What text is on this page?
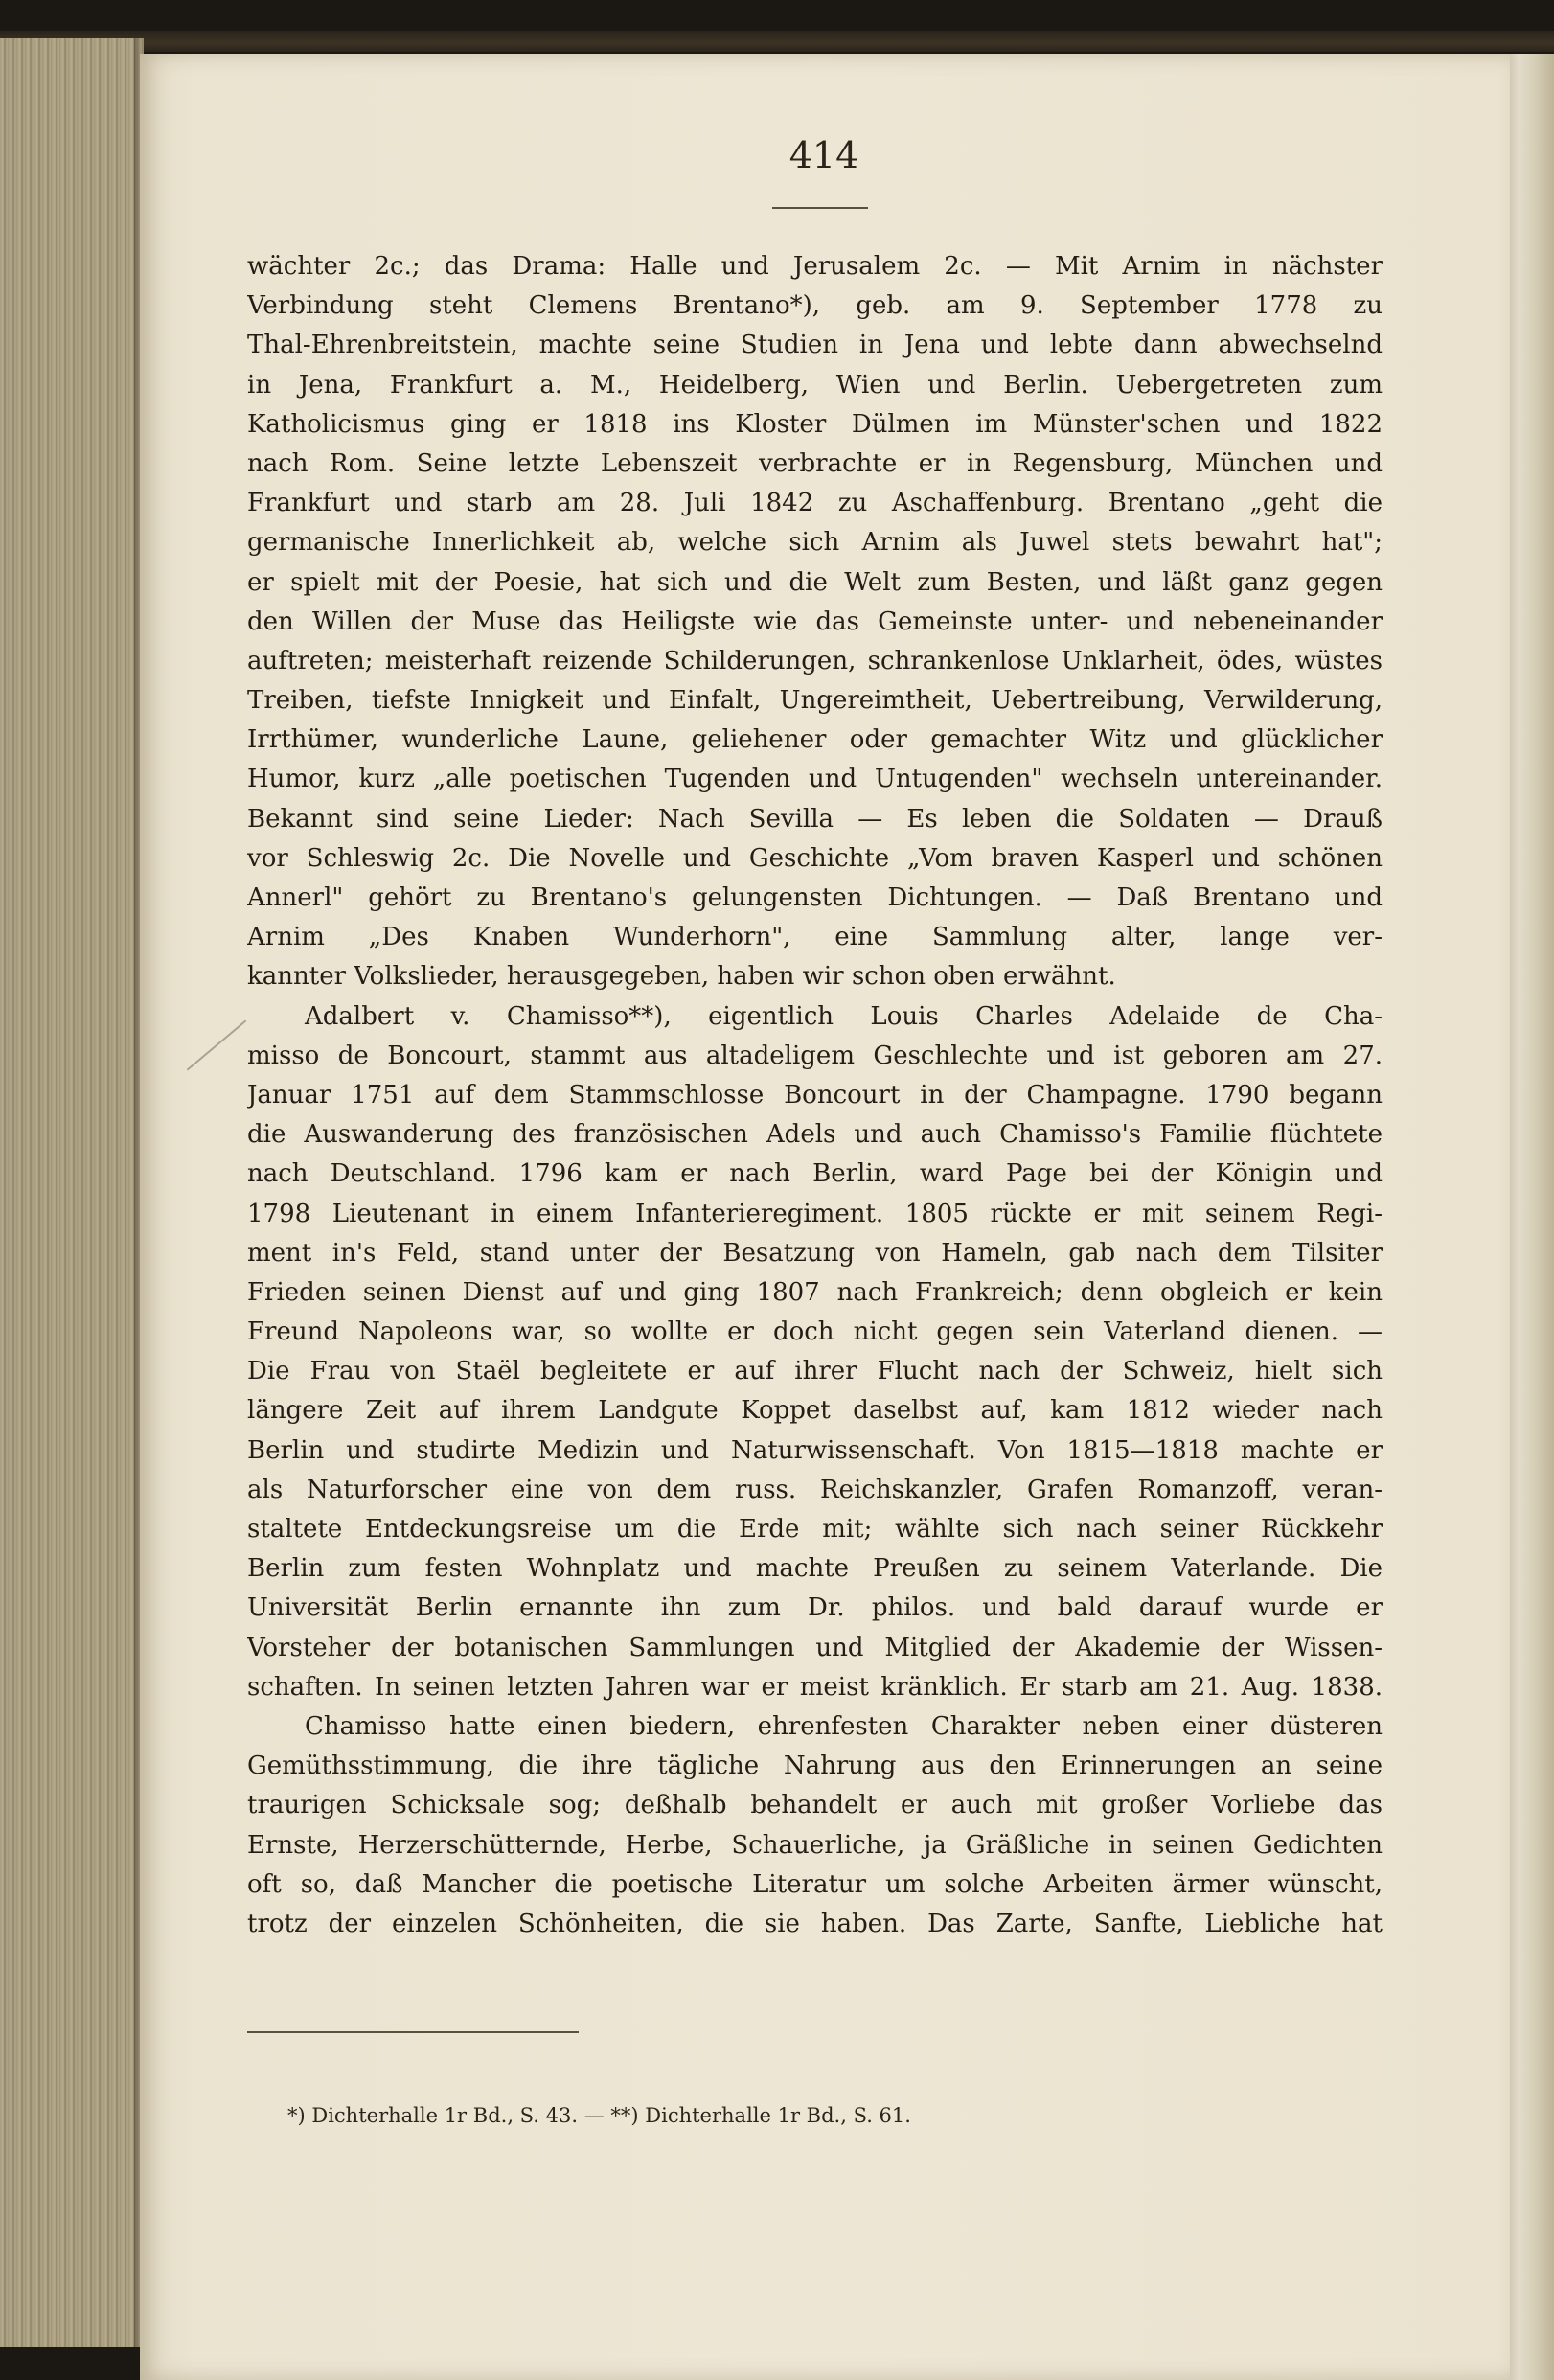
414
wächter 2c.; das Drama: Halle und Jerusalem 2c. — Mit Arnim in nächster
Verbindung steht Clemens Brentano*), geb. am 9. September 1778 zu
Thal-Ehrenbreitstein, machte seine Studien in Jena und lebte dann abwechselnd
in Jena, Frankfurt a. M., Heidelberg, Wien und Berlin. Uebergetreten zum
Katholicismus ging er 1818 ins Kloster Dülmen im Münster'schen und 1822
nach Rom. Seine letzte Lebenszeit verbrachte er in Regensburg, München und
Frankfurt und starb am 28. Juli 1842 zu Aschaffenburg. Brentano „geht die
germanische Innerlichkeit ab, welche sich Arnim als Juwel stets bewahrt hat";
er spielt mit der Poesie, hat sich und die Welt zum Besten, und läßt ganz gegen
den Willen der Muse das Heiligste wie das Gemeinste unter- und nebeneinander
auftreten; meisterhaft reizende Schilderungen, schrankenlose Unklarheit, ödes, wüstes
Treiben, tiefste Innigkeit und Einfalt, Ungereimtheit, Uebertreibung, Verwilderung,
Irrthümer, wunderliche Laune, geliehener oder gemachter Witz und glücklicher
Humor, kurz „alle poetischen Tugenden und Untugenden" wechseln untereinander.
Bekannt sind seine Lieder: Nach Sevilla — Es leben die Soldaten — Drauß
vor Schleswig 2c. Die Novelle und Geschichte „Vom braven Kasperl und schönen
Annerl" gehört zu Brentano's gelungensten Dichtungen. — Daß Brentano und
Arnim „Des Knaben Wunderhorn", eine Sammlung alter, lange ver-
kannter Volkslieder, herausgegeben, haben wir schon oben erwähnt.
Adalbert v. Chamisso**), eigentlich Louis Charles Adelaide de Cha-
misso de Boncourt, stammt aus altadeligem Geschlechte und ist geboren am 27.
Januar 1751 auf dem Stammschlosse Boncourt in der Champagne. 1790 begann
die Auswanderung des französischen Adels und auch Chamisso's Familie flüchtete
nach Deutschland. 1796 kam er nach Berlin, ward Page bei der Königin und
1798 Lieutenant in einem Infanterieregiment. 1805 rückte er mit seinem Regi-
ment in's Feld, stand unter der Besatzung von Hameln, gab nach dem Tilsiter
Frieden seinen Dienst auf und ging 1807 nach Frankreich; denn obgleich er kein
Freund Napoleons war, so wollte er doch nicht gegen sein Vaterland dienen. —
Die Frau von Staël begleitete er auf ihrer Flucht nach der Schweiz, hielt sich
längere Zeit auf ihrem Landgute Koppet daselbst auf, kam 1812 wieder nach
Berlin und studirte Medizin und Naturwissenschaft. Von 1815—1818 machte er
als Naturforscher eine von dem russ. Reichskanzler, Grafen Romanzoff, veran-
staltete Entdeckungsreise um die Erde mit; wählte sich nach seiner Rückkehr
Berlin zum festen Wohnplatz und machte Preußen zu seinem Vaterlande. Die
Universität Berlin ernannte ihn zum Dr. philos. und bald darauf wurde er
Vorsteher der botanischen Sammlungen und Mitglied der Akademie der Wissen-
schaften. In seinen letzten Jahren war er meist kränklich. Er starb am 21. Aug. 1838.
Chamisso hatte einen biedern, ehrenfesten Charakter neben einer düsteren
Gemüthsstimmung, die ihre tägliche Nahrung aus den Erinnerungen an seine
traurigen Schicksale sog; deßhalb behandelt er auch mit großer Vorliebe das
Ernste, Herzerschütternde, Herbe, Schauerliche, ja Gräßliche in seinen Gedichten
oft so, daß Mancher die poetische Literatur um solche Arbeiten ärmer wünscht,
trotz der einzelen Schönheiten, die sie haben. Das Zarte, Sanfte, Liebliche hat
*) Dichterhalle 1r Bd., S. 43. — **) Dichterhalle 1r Bd., S. 61.
